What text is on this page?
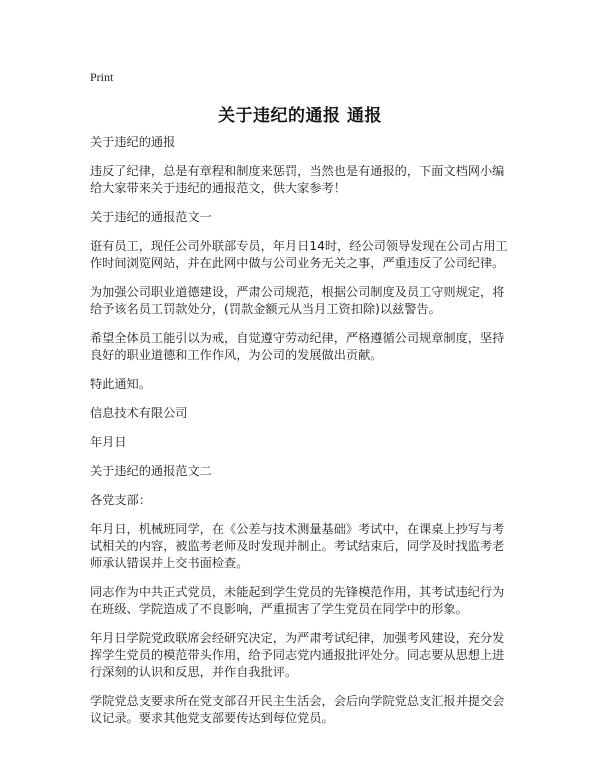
Print
关于违纪的通报 通报

关于违纪的通报

违反了纪律，总是有章程和制度来惩罚，当然也是有通报的，下面文档网小编给大家带来关于违纪的通报范文，供大家参考！

关于违纪的通报范文一

诳有员工，现任公司外联部专员，年月日14时，经公司领导发现在公司占用工作时间浏览网站，并在此网中做与公司业务无关之事，严重违反了公司纪律。

为加强公司职业道德建设，严肃公司规范，根据公司制度及员工守则规定，将给予该名员工罚款处分，(罚款金额元从当月工资扣除)以兹警告。

希望全体员工能引以为戒，自觉遵守劳动纪律，严格遵循公司规章制度，坚持良好的职业道德和工作作风，为公司的发展做出贡献。

特此通知。

信息技术有限公司

年月日

关于违纪的通报范文二

各党支部：

年月日，机械班同学，在《公差与技术测量基础》考试中，在课桌上抄写与考试相关的内容，被监考老师及时发现并制止。考试结束后，同学及时找监考老师承认错误并上交书面检查。

同志作为中共正式党员，未能起到学生党员的先锋模范作用，其考试违纪行为在班级、学院造成了不良影响，严重损害了学生党员在同学中的形象。

年月日学院党政联席会经研究决定，为严肃考试纪律，加强考风建设，充分发挥学生党员的模范带头作用，给予同志党内通报批评处分。同志要从思想上进行深刻的认识和反思，并作自我批评。

学院党总支要求所在党支部召开民主生活会，会后向学院党总支汇报并提交会议记录。要求其他党支部要传达到每位党员。
